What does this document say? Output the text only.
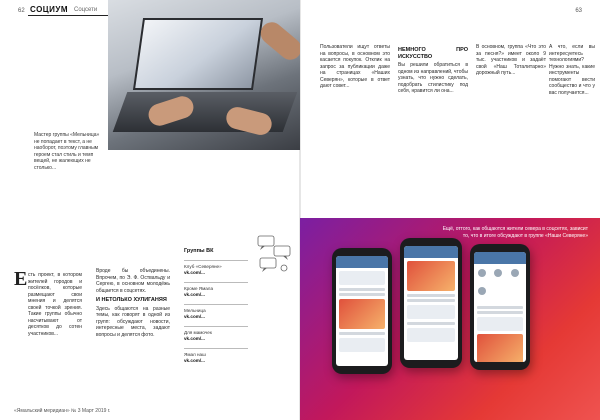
62 СОЦИУМ Соцсети	63
Мастер группы «Мельница» не попадает в текст, а не наоборот, поэтому главным героем стал стиль и темп вещей, не жалеющих не столько...
Пользователи ищут ответы на вопросы, в основном это касается покупок. Отклик на запрос за публикации даже на страницах «Наших Северян», которые в ответ дают совет...
НЕМНОГО ПРО ИСКУССТВО
Вы решили обратиться в одном из направлений, чтобы узнать, что нужно сделать, подобрать стилистику под себя, нравится ли она...
В основном, группа «Что это за песня?» имеет около 9 тыс. участников и задаёт свой «Наш Тоталитарно» дорожный путь...
А что, если вы интересуетесь технологиями? Нужно знать, какие инструменты помогают вести сообщество и что у вас получается...
Ещё, оттого, как общаются жители севера в соцсетях, зависит то, что в итоге обсуждают в группе «Наши Северяне»

Е сть проект, в котором жителей городов и посёлков, которые размещают свои мнения и делятся своей точкой зрения. Такие группы обычно насчитывают от десятков до сотен участников...
Вроде бы объединены. Впрочем, по Э. Ф. Оствальду и Сергею, в основном молодёжь общается в соцсетях.
И НЕТОЛЬКО ХУЛИГАНЯЯ
Здесь общаются на разные темы, как говорят в одной из групп: обсуждают новости, интересные места, задают вопросы и делятся фото.
Группы ВК
Клуб «Северяне»
vk.com/...
Кроме Ямала
vk.com/...
Мельница
vk.com/...
Для мамочек
vk.com/...
Ямал наш
vk.com/...
«Ямальский меридиан» № 3 Март 2019 г.
